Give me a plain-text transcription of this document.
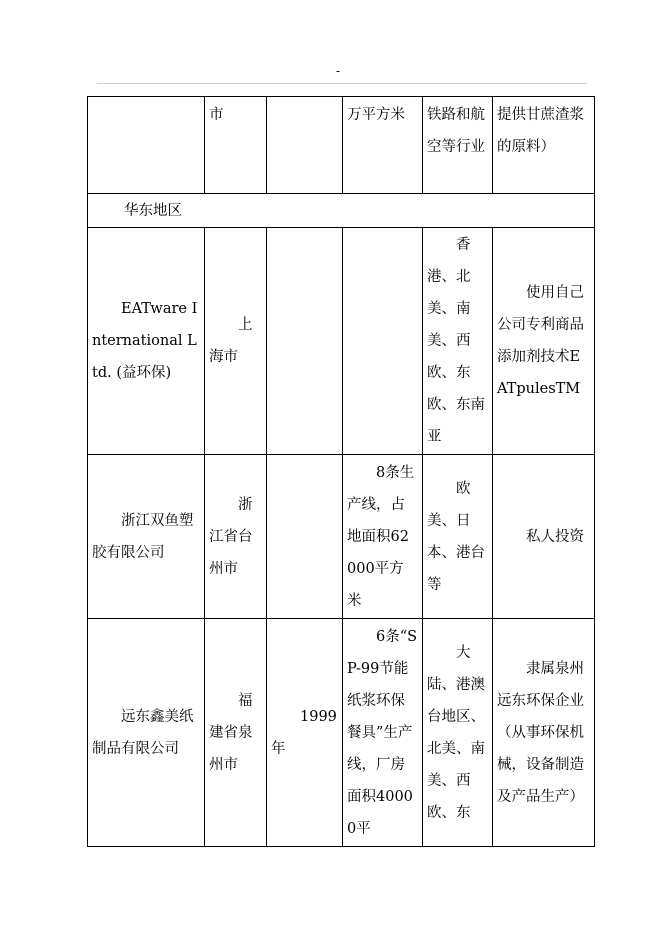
-
	市		万平方米	铁路和航空等行业	提供甘蔗渣浆的原料）
华东地区					

EATware International Ltd. (益环保)	上海市			香港、北美、南美、西欧、东欧、东南亚	使用自己公司专利商品添加剂技术EATpulesTM

浙江双鱼塑胶有限公司	浙江省台州市		8条生产线，占地面积62000平方米	欧美、日本、港台等	私人投资

远东鑫美纸制品有限公司	福建省泉州市	1999年	6条“SP-99节能纸浆环保餐具”生产线，厂房面积40000平	大陆、港澳台地区、北美、南美、西欧、东	隶属泉州远东环保企业（从事环保机械，设备制造及产品生产）
